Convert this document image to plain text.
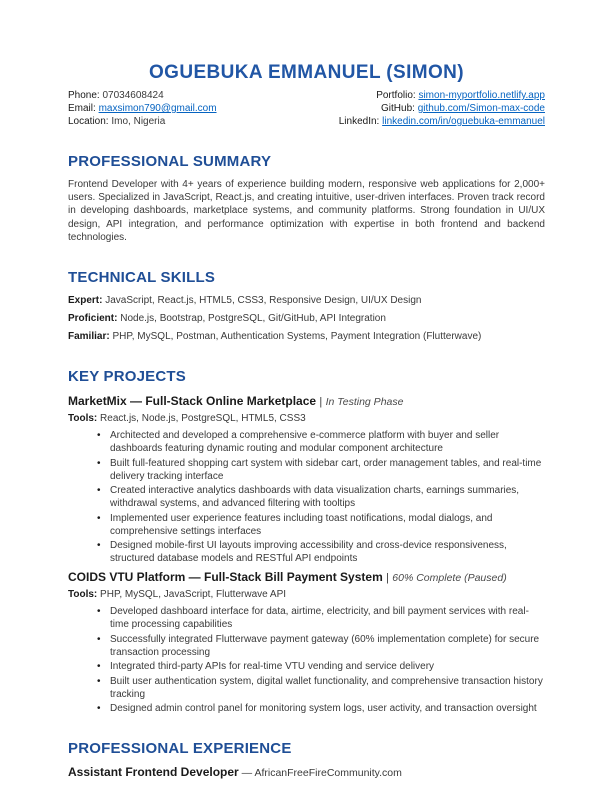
OGUEBUKA EMMANUEL (SIMON)
Phone: 07034608424
Email: maxsimon790@gmail.com
Location: Imo, Nigeria
Portfolio: simon-myportfolio.netlify.app
GitHub: github.com/Simon-max-code
LinkedIn: linkedin.com/in/oguebuka-emmanuel
PROFESSIONAL SUMMARY

Frontend Developer with 4+ years of experience building modern, responsive web applications for 2,000+ users. Specialized in JavaScript, React.js, and creating intuitive, user-driven interfaces. Proven track record in developing dashboards, marketplace systems, and community platforms. Strong foundation in UI/UX design, API integration, and performance optimization with expertise in both frontend and backend technologies.

TECHNICAL SKILLS

Expert: JavaScript, React.js, HTML5, CSS3, Responsive Design, UI/UX Design

Proficient: Node.js, Bootstrap, PostgreSQL, Git/GitHub, API Integration

Familiar: PHP, MySQL, Postman, Authentication Systems, Payment Integration (Flutterwave)

KEY PROJECTS
MarketMix — Full-Stack Online Marketplace | In Testing Phase

Tools: React.js, Node.js, PostgreSQL, HTML5, CSS3

• Architected and developed a comprehensive e-commerce platform with buyer and seller dashboards featuring dynamic routing and modular component architecture
• Built full-featured shopping cart system with sidebar cart, order management tables, and real-time delivery tracking interface
• Created interactive analytics dashboards with data visualization charts, earnings summaries, withdrawal systems, and advanced filtering with tooltips
• Implemented user experience features including toast notifications, modal dialogs, and comprehensive settings interfaces
• Designed mobile-first UI layouts improving accessibility and cross-device responsiveness, structured database models and RESTful API endpoints
COIDS VTU Platform — Full-Stack Bill Payment System | 60% Complete (Paused)

Tools: PHP, MySQL, JavaScript, Flutterwave API

• Developed dashboard interface for data, airtime, electricity, and bill payment services with real-time processing capabilities
• Successfully integrated Flutterwave payment gateway (60% implementation complete) for secure transaction processing
• Integrated third-party APIs for real-time VTU vending and service delivery
• Built user authentication system, digital wallet functionality, and comprehensive transaction history tracking
• Designed admin control panel for monitoring system logs, user activity, and transaction oversight
PROFESSIONAL EXPERIENCE

Assistant Frontend Developer — AfricanFreeFireCommunity.com
